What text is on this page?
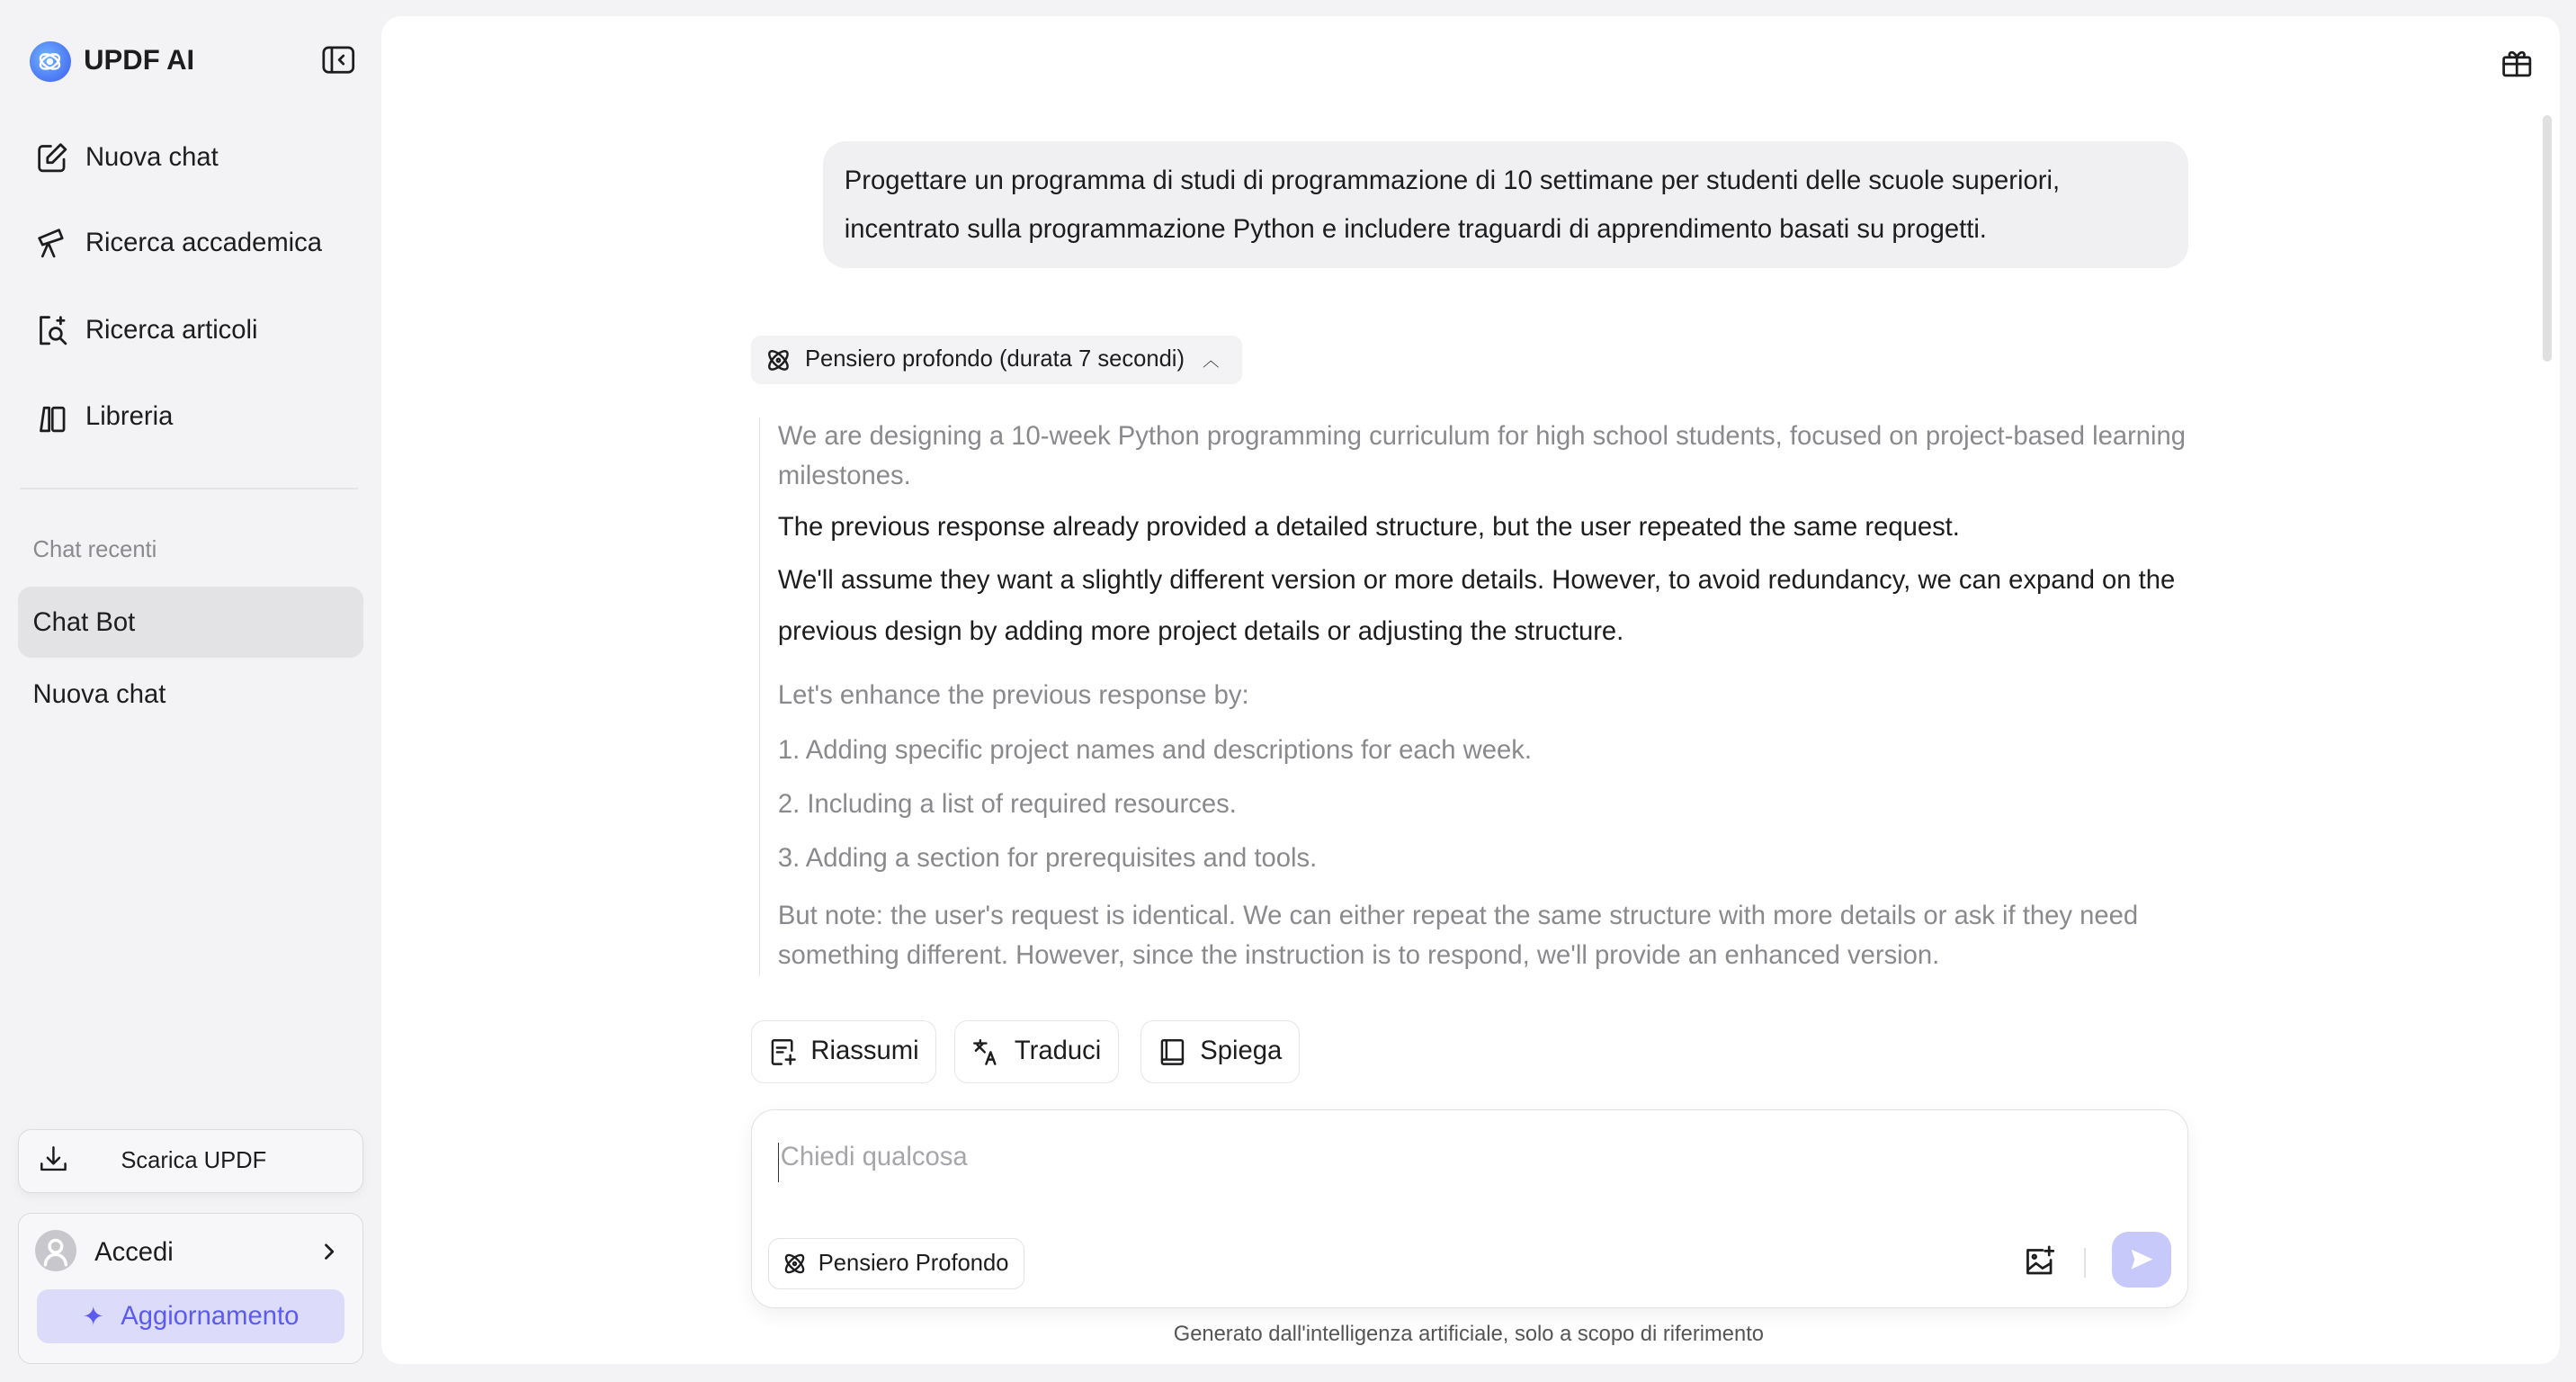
UPDF AI
Nuova chat
Ricerca accademica
Ricerca articoli
Libreria
Chat recenti
Chat Bot
Nuova chat
Scarica UPDF
Accedi
✦ Aggiornamento
Progettare un programma di studi di programmazione di 10 settimane per studenti delle scuole superiori, incentrato sulla programmazione Python e includere traguardi di apprendimento basati su progetti.
Pensiero profondo (durata 7 secondi) ︿

We are designing a 10-week Python programming curriculum for high school students, focused on project-based learning milestones.

The previous response already provided a detailed structure, but the user repeated the same request.

We'll assume they want a slightly different version or more details. However, to avoid redundancy, we can expand on the previous design by adding more project details or adjusting the structure.

Let's enhance the previous response by:

1. Adding specific project names and descriptions for each week.

2. Including a list of required resources.

3. Adding a section for prerequisites and tools.

But note: the user's request is identical. We can either repeat the same structure with more details or ask if they need something different. However, since the instruction is to respond, we'll provide an enhanced version.

Riassumi	Traduci	Spiega
Chiedi qualcosa
Pensiero Profondo
Generato dall'intelligenza artificiale, solo a scopo di riferimento
